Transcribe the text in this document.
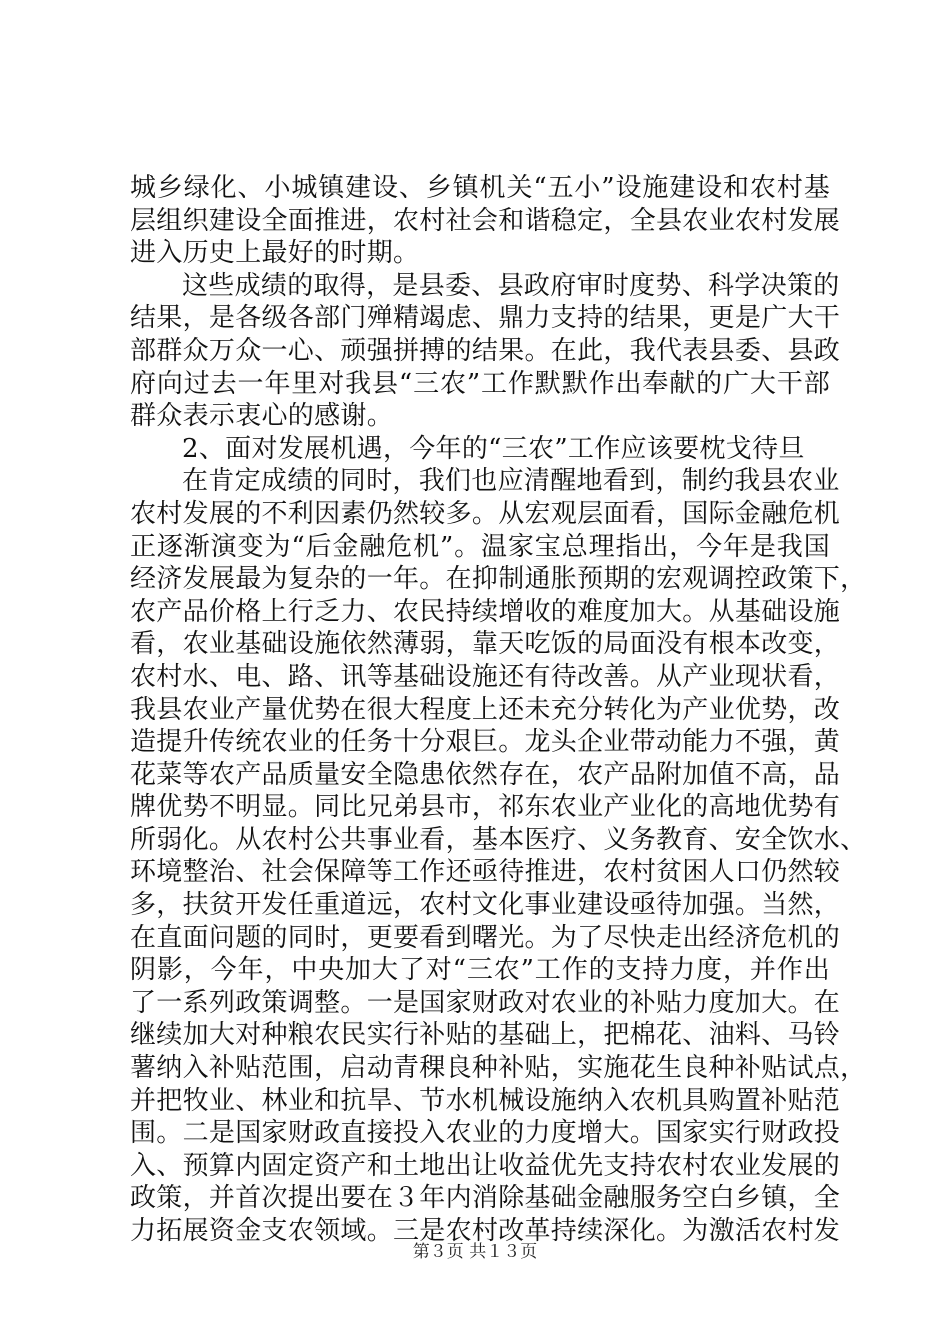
城乡绿化、小城镇建设、乡镇机关“五小”设施建设和农村基
层组织建设全面推进，农村社会和谐稳定，全县农业农村发展
进入历史上最好的时期。
这些成绩的取得，是县委、县政府审时度势、科学决策的
结果，是各级各部门殚精竭虑、鼎力支持的结果，更是广大干
部群众万众一心、顽强拼搏的结果。在此，我代表县委、县政
府向过去一年里对我县“三农”工作默默作出奉献的广大干部
群众表示衷心的感谢。
2、面对发展机遇，今年的“三农”工作应该要枕戈待旦
在肯定成绩的同时，我们也应清醒地看到，制约我县农业
农村发展的不利因素仍然较多。从宏观层面看，国际金融危机
正逐渐演变为“后金融危机”。温家宝总理指出，今年是我国
经济发展最为复杂的一年。在抑制通胀预期的宏观调控政策下，
农产品价格上行乏力、农民持续增收的难度加大。从基础设施
看，农业基础设施依然薄弱，靠天吃饭的局面没有根本改变，
农村水、电、路、讯等基础设施还有待改善。从产业现状看，
我县农业产量优势在很大程度上还未充分转化为产业优势，改
造提升传统农业的任务十分艰巨。龙头企业带动能力不强，黄
花菜等农产品质量安全隐患依然存在，农产品附加值不高，品
牌优势不明显。同比兄弟县市，祁东农业产业化的高地优势有
所弱化。从农村公共事业看，基本医疗、义务教育、安全饮水、
环境整治、社会保障等工作还亟待推进，农村贫困人口仍然较
多，扶贫开发任重道远，农村文化事业建设亟待加强。当然，
在直面问题的同时，更要看到曙光。为了尽快走出经济危机的
阴影，今年，中央加大了对“三农”工作的支持力度，并作出
了一系列政策调整。一是国家财政对农业的补贴力度加大。在
继续加大对种粮农民实行补贴的基础上，把棉花、油料、马铃
薯纳入补贴范围，启动青稞良种补贴，实施花生良种补贴试点，
并把牧业、林业和抗旱、节水机械设施纳入农机具购置补贴范
围。二是国家财政直接投入农业的力度增大。国家实行财政投
入、预算内固定资产和土地出让收益优先支持农村农业发展的
政策，并首次提出要在３年内消除基础金融服务空白乡镇，全
力拓展资金支农领域。三是农村改革持续深化。为激活农村发
第３页 共１３页
